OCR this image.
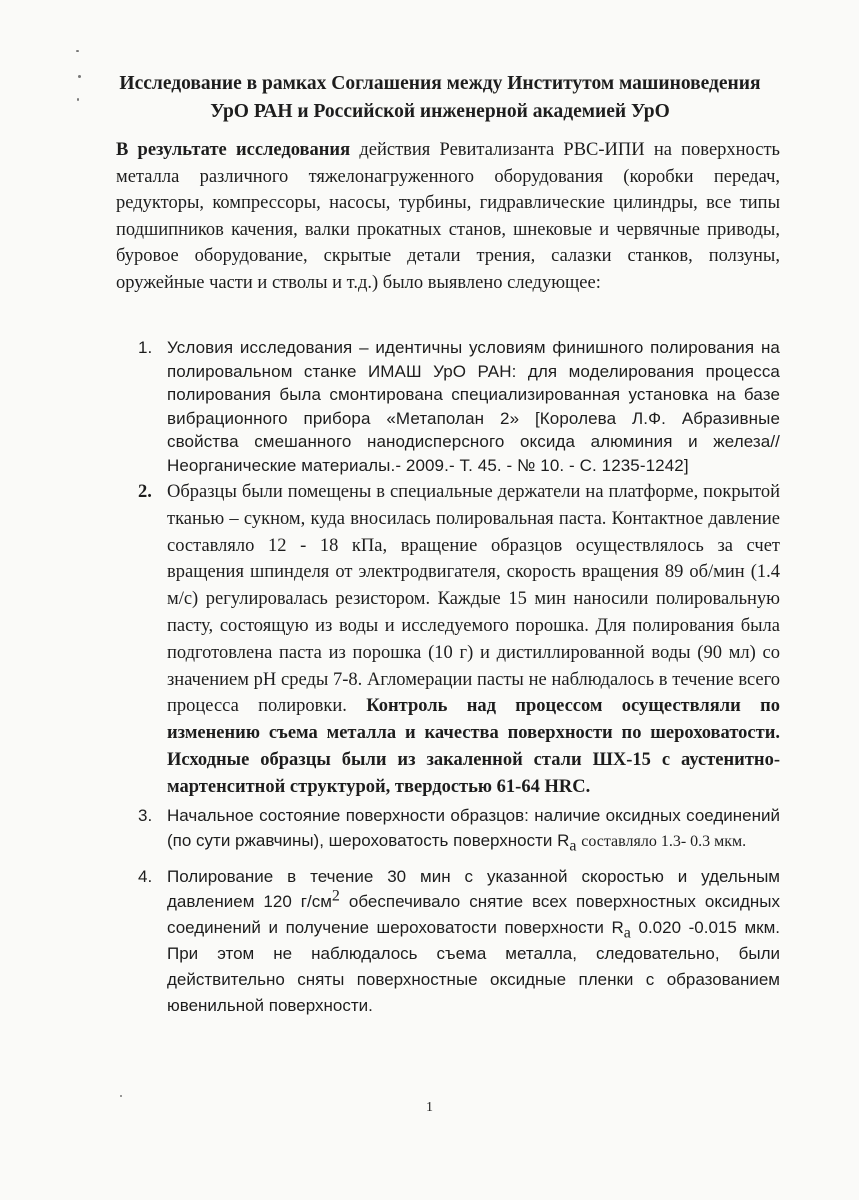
Исследование в рамках Соглашения между Институтом машиноведения
УрО РАН и Российской инженерной академией УрО
В результате исследования действия Ревитализанта РВС-ИПИ на поверхность металла различного тяжелонагруженного оборудования (коробки передач, редукторы, компрессоры, насосы, турбины, гидравлические цилиндры, все типы подшипников качения, валки прокатных станов, шнековые и червячные приводы, буровое оборудование, скрытые детали трения, салазки станков, ползуны, оружейные части и стволы и т.д.) было выявлено следующее:
1. Условия исследования – идентичны условиям финишного полирования на полировальном станке ИМАШ УрО РАН: для моделирования процесса полирования была смонтирована специализированная установка на базе вибрационного прибора «Метаполан 2» [Королева Л.Ф. Абразивные свойства смешанного нанодисперсного оксида алюминия и железа// Неорганические материалы.- 2009.- Т. 45. - № 10. - С. 1235-1242]
2. Образцы были помещены в специальные держатели на платформе, покрытой тканью – сукном, куда вносилась полировальная паста. Контактное давление составляло 12 - 18 кПа, вращение образцов осуществлялось за счет вращения шпинделя от электродвигателя, скорость вращения 89 об/мин (1.4 м/с) регулировалась резистором. Каждые 15 мин наносили полировальную пасту, состоящую из воды и исследуемого порошка. Для полирования была подготовлена паста из порошка (10 г) и дистиллированной воды (90 мл) со значением pH среды 7-8. Агломерации пасты не наблюдалось в течение всего процесса полировки. Контроль над процессом осуществляли по изменению съема металла и качества поверхности по шероховатости. Исходные образцы были из закаленной стали ШХ-15 с аустенитно-мартенситной структурой, твердостью 61-64 HRC.
3. Начальное состояние поверхности образцов: наличие оксидных соединений (по сути ржавчины), шероховатость поверхности $R_a$ составляло 1.3- 0.3 мкм.
4. Полирование в течение 30 мин с указанной скоростью и удельным давлением 120 $г/см^2$ обеспечивало снятие всех поверхностных оксидных соединений и получение шероховатости поверхности $R_a$ 0.020 -0.015 мкм. При этом не наблюдалось съема металла, следовательно, были действительно сняты поверхностные оксидные пленки с образованием ювенильной поверхности.
1
